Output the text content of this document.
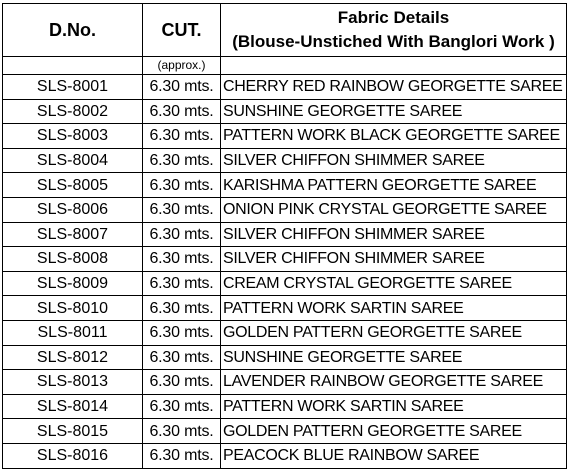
D.No.	CUT.	Fabric Details
(Blouse-Unstiched With Banglori Work )

	(approx.)	
SLS-8001	6.30 mts.	CHERRY RED RAINBOW GEORGETTE SAREE
SLS-8002	6.30 mts.	SUNSHINE GEORGETTE SAREE
SLS-8003	6.30 mts.	PATTERN WORK BLACK GEORGETTE SAREE
SLS-8004	6.30 mts.	SILVER CHIFFON SHIMMER SAREE
SLS-8005	6.30 mts.	KARISHMA PATTERN GEORGETTE SAREE
SLS-8006	6.30 mts.	ONION PINK CRYSTAL GEORGETTE SAREE
SLS-8007	6.30 mts.	SILVER CHIFFON SHIMMER SAREE
SLS-8008	6.30 mts.	SILVER CHIFFON SHIMMER SAREE
SLS-8009	6.30 mts.	CREAM CRYSTAL GEORGETTE SAREE
SLS-8010	6.30 mts.	PATTERN WORK SARTIN SAREE
SLS-8011	6.30 mts.	GOLDEN PATTERN GEORGETTE SAREE
SLS-8012	6.30 mts.	SUNSHINE GEORGETTE SAREE
SLS-8013	6.30 mts.	LAVENDER RAINBOW GEORGETTE SAREE
SLS-8014	6.30 mts.	PATTERN WORK SARTIN SAREE
SLS-8015	6.30 mts.	GOLDEN PATTERN GEORGETTE SAREE
SLS-8016	6.30 mts.	PEACOCK BLUE RAINBOW SAREE
